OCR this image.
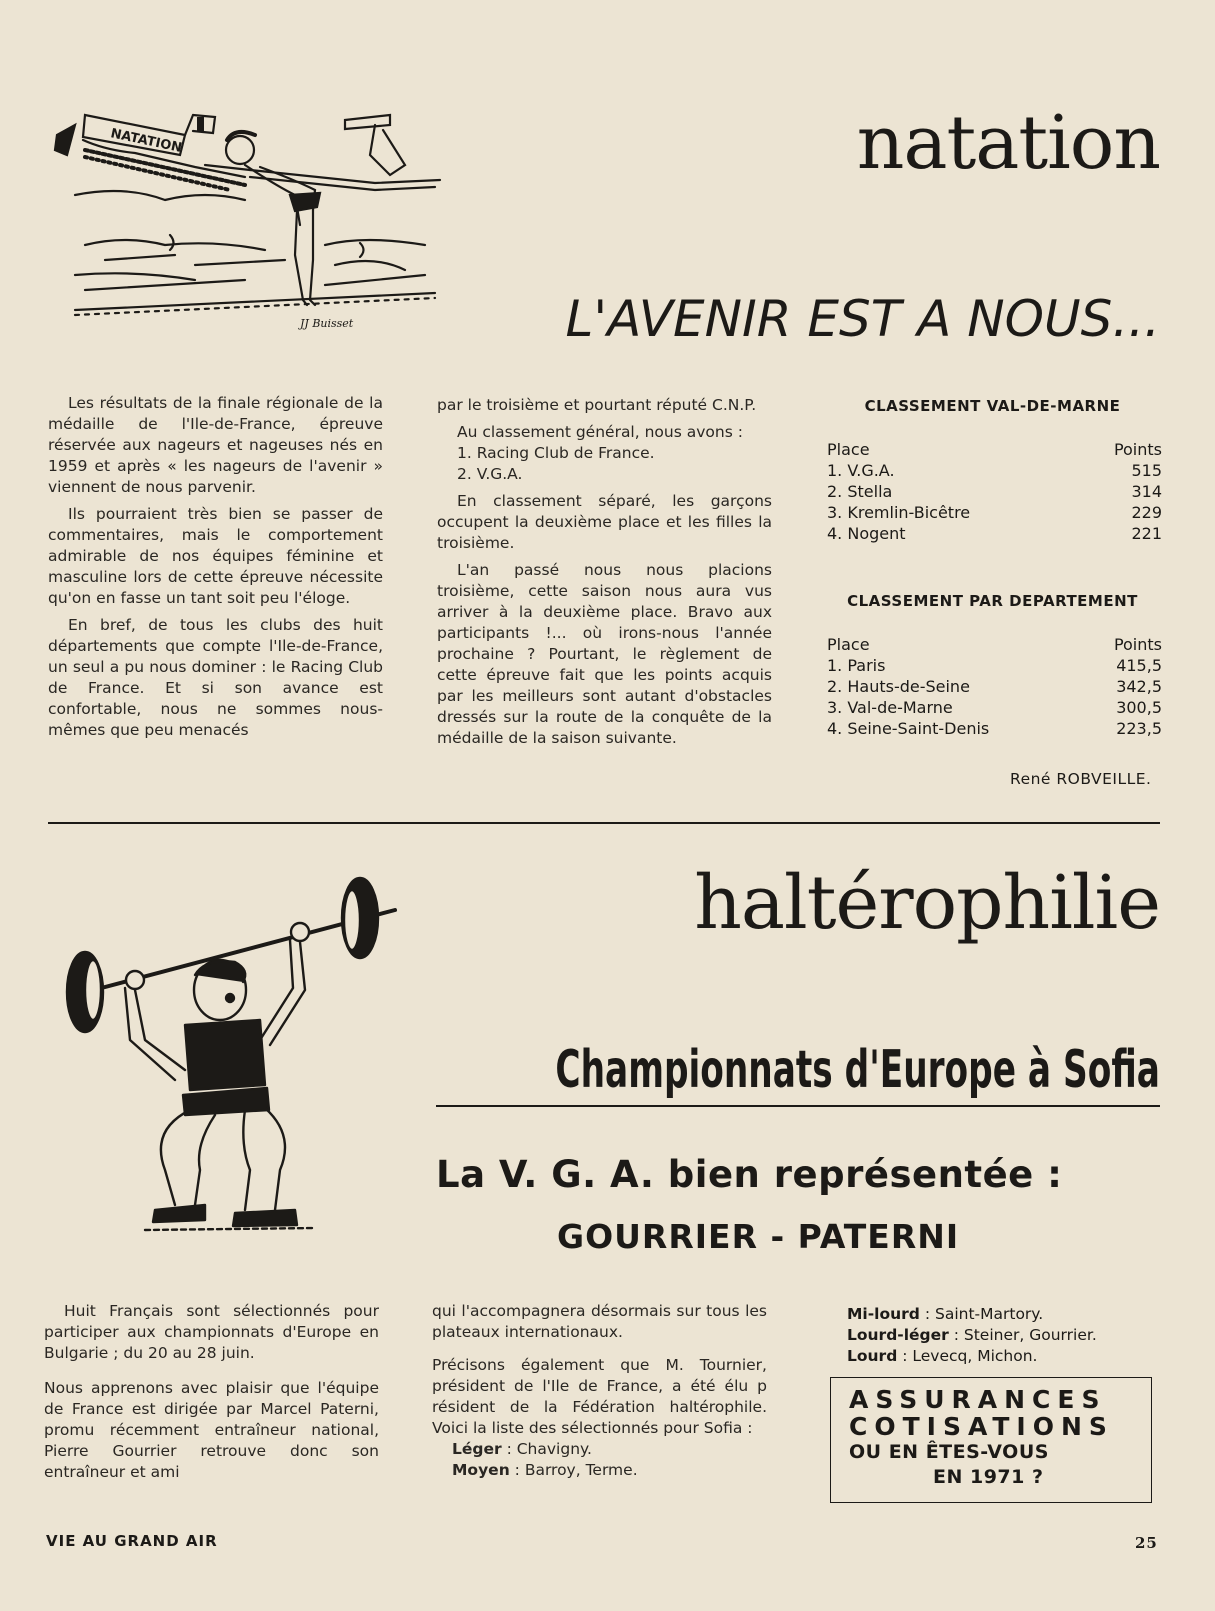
NATATION
JJ Buisset
natation
L'AVENIR EST A NOUS...

Les résultats de la finale régionale de la médaille de l'Ile-de-France, épreuve réservée aux nageurs et nageuses nés en 1959 et après « les nageurs de l'avenir » viennent de nous parvenir.

Ils pourraient très bien se passer de commentaires, mais le comportement admirable de nos équipes féminine et masculine lors de cette épreuve nécessite qu'on en fasse un tant soit peu l'éloge.

En bref, de tous les clubs des huit départements que compte l'Ile-de-France, un seul a pu nous dominer : le Racing Club de France. Et si son avance est confortable, nous ne sommes nous-mêmes que peu menacés

par le troisième et pourtant réputé C.N.P.

Au classement général, nous avons :

1. Racing Club de France.
2. V.G.A.

En classement séparé, les garçons occupent la deuxième place et les filles la troisième.

L'an passé nous nous placions troisième, cette saison nous aura vus arriver à la deuxième place. Bravo aux participants !... où irons-nous l'année prochaine ? Pourtant, le règlement de cette épreuve fait que les points acquis par les meilleurs sont autant d'obstacles dressés sur la route de la conquête de la médaille de la saison suivante.

CLASSEMENT VAL-DE-MARNE
Place	Points
1. V.G.A.	515
2. Stella	314
3. Kremlin-Bicêtre	229
4. Nogent	221
CLASSEMENT PAR DEPARTEMENT
Place	Points
1. Paris	415,5
2. Hauts-de-Seine	342,5
3. Val-de-Marne	300,5
4. Seine-Saint-Denis	223,5
René ROBVEILLE.
haltérophilie
Championnats d'Europe à Sofia
La V. G. A. bien représentée :
GOURRIER - PATERNI

Huit Français sont sélectionnés pour participer aux championnats d'Europe en Bulgarie ; du 20 au 28 juin.

Nous apprenons avec plaisir que l'équipe de France est dirigée par Marcel Paterni, promu récemment entraîneur national, Pierre Gourrier retrouve donc son entraîneur et ami

qui l'accompagnera désormais sur tous les plateaux internationaux.

Précisons également que M. Tournier, président de l'Ile de France, a été élu p résident de la Fédération haltérophile. Voici la liste des sélectionnés pour Sofia :

Léger : Chavigny.
Moyen : Barroy, Terme.
Mi-lourd : Saint-Martory.
Lourd-léger : Steiner, Gourrier.
Lourd : Levecq, Michon.
ASSURANCES
COTISATIONS
OU EN ÊTES-VOUS
EN 1971 ?
VIE AU GRAND AIR	25
